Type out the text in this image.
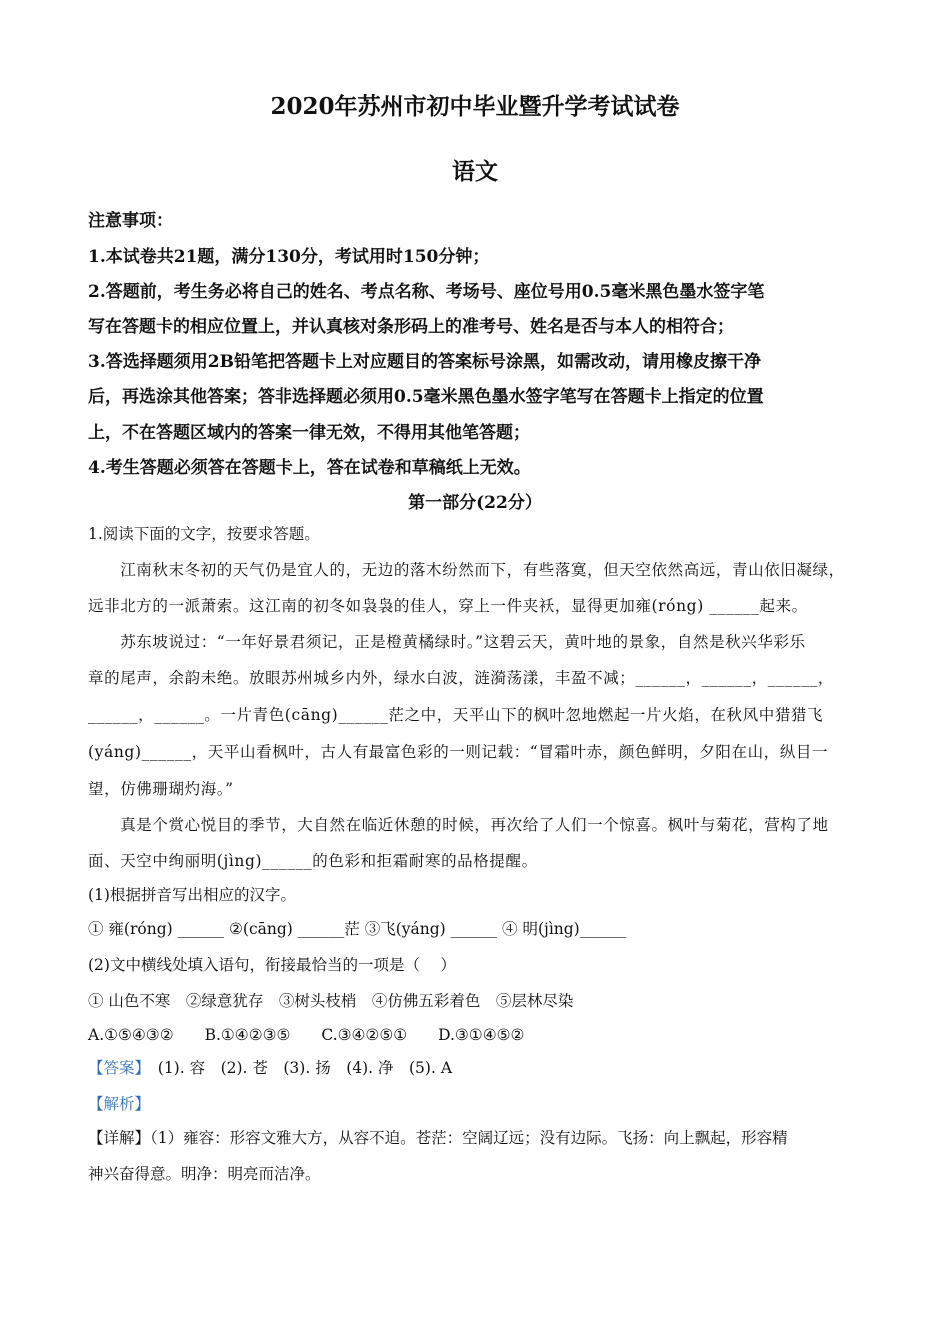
2020年苏州市初中毕业暨升学考试试卷
语文
注意事项：
1.本试卷共21题，满分130分，考试用时150分钟；
2.答题前，考生务必将自己的姓名、考点名称、考场号、座位号用0.5毫米黑色墨水签字笔
写在答题卡的相应位置上，并认真核对条形码上的准考号、姓名是否与本人的相符合；
3.答选择题须用2B铅笔把答题卡上对应题目的答案标号涂黑，如需改动，请用橡皮擦干净
后，再选涂其他答案；答非选择题必须用0.5毫米黑色墨水签字笔写在答题卡上指定的位置
上，不在答题区域内的答案一律无效，不得用其他笔答题；
4.考生答题必须答在答题卡上，答在试卷和草稿纸上无效。
第一部分(22分）
1.阅读下面的文字，按要求答题。
　　江南秋末冬初的天气仍是宜人的，无边的落木纷然而下，有些落寞，但天空依然高远，青山依旧凝绿，
远非北方的一派萧索。这江南的初冬如袅袅的佳人，穿上一件夹袄，显得更加雍(róng) ______起来。
　　苏东坡说过：“一年好景君须记，正是橙黄橘绿时。”这碧云天，黄叶地的景象，自然是秋兴华彩乐
章的尾声，余韵未绝。放眼苏州城乡内外，绿水白波，涟漪荡漾，丰盈不减；______，______，______，
______，______。一片青色(cāng)______茫之中，天平山下的枫叶忽地燃起一片火焰，在秋风中猎猎飞
(yáng)______，天平山看枫叶，古人有最富色彩的一则记载：“冒霜叶赤，颜色鲜明，夕阳在山，纵目一
望，仿佛珊瑚灼海。”
　　真是个赏心悦目的季节，大自然在临近休憩的时候，再次给了人们一个惊喜。枫叶与菊花，营构了地
面、天空中绚丽明(jìng)______的色彩和拒霜耐寒的品格提醒。
(1)根据拼音写出相应的汉字。
① 雍(róng) ______ ②(cāng) ______茫 ③飞(yáng) ______ ④ 明(jìng)______
(2)文中横线处填入语句，衔接最恰当的一项是（　 ）
① 山色不寒　②绿意犹存　③树头枝梢　④仿佛五彩着色　⑤层林尽染
A.①⑤④③②　　B.①④②③⑤　　C.③④②⑤①　　D.③①④⑤②
【答案】　(1). 容　(2). 苍　(3). 扬　(4). 净　(5). A
【解析】
【详解】（1）雍容：形容文雅大方，从容不迫。苍茫：空阔辽远；没有边际。飞扬：向上飘起，形容精
神兴奋得意。明净：明亮而洁净。
